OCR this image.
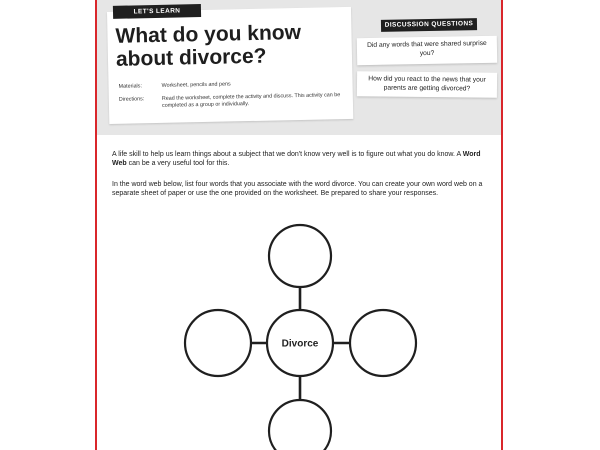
LET'S LEARN
What do you know about divorce?
Materials:	Worksheet, pencils and pens
Directions:	Read the worksheet, complete the activity and discuss. This activity can be completed as a group or individually.
DISCUSSION QUESTIONS
Did any words that were shared surprise you?
How did you react to the news that your parents are getting divorced?

A life skill to help us learn things about a subject that we don't know very well is to figure out what you do know. A Word Web can be a very useful tool for this.

In the word web below, list four words that you associate with the word divorce. You can create your own word web on a separate sheet of paper or use the one provided on the worksheet. Be prepared to share your responses.

Divorce
